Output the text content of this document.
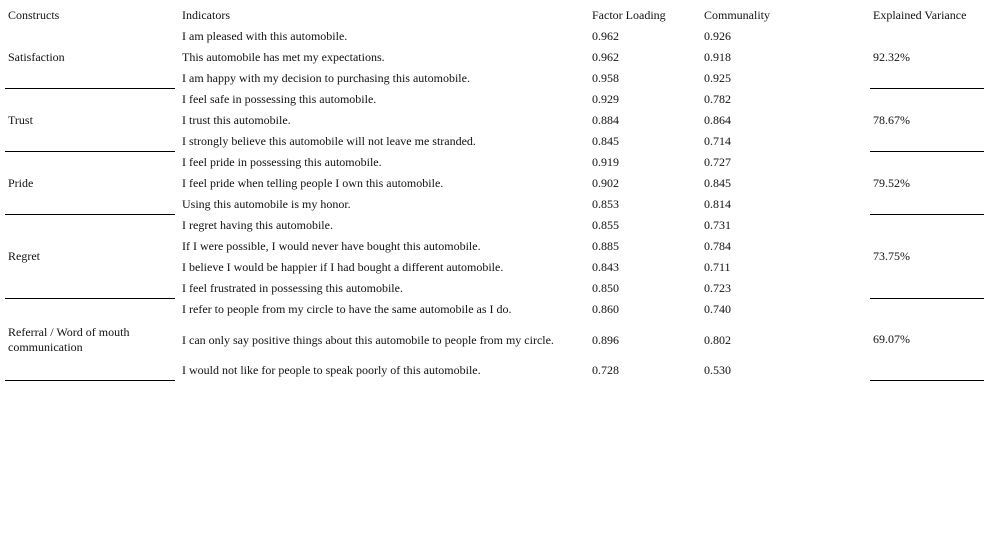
Constructs		Indicators	Factor Loading	Communality		Explained Variance
Satisfaction		I am pleased with this automobile.	0.962	0.926		92.32%
		This automobile has met my expectations.	0.962	0.918		
		I am happy with my decision to purchasing this automobile.	0.958	0.925		
Trust		I feel safe in possessing this automobile.	0.929	0.782		78.67%
		I trust this automobile.	0.884	0.864		
		I strongly believe this automobile will not leave me stranded.	0.845	0.714		
Pride		I feel pride in possessing this automobile.	0.919	0.727		79.52%
		I feel pride when telling people I own this automobile.	0.902	0.845		
		Using this automobile is my honor.	0.853	0.814		
Regret		I regret having this automobile.	0.855	0.731		73.75%
		If I were possible, I would never have bought this automobile.	0.885	0.784		
		I believe I would be happier if I had bought a different automobile.	0.843	0.711		
		I feel frustrated in possessing this automobile.	0.850	0.723		
Referral / Word of mouth communication		I refer to people from my circle to have the same automobile as I do.	0.860	0.740		69.07%
		I can only say positive things about this automobile to people from my circle.	0.896	0.802		
		I would not like for people to speak poorly of this automobile.	0.728	0.530		
